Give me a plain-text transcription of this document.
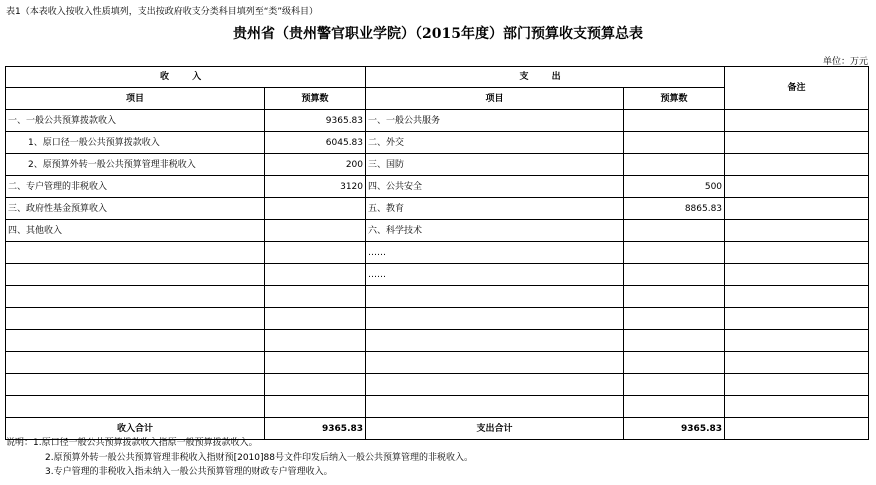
表1（本表收入按收入性质填列，支出按政府收支分类科目填列至“类”级科目）
贵州省（贵州警官职业学院）（2015年度）部门预算收支预算总表
单位：万元
收 入		支 出		备注
项目	预算数	项目	预算数	
一、一般公共预算拨款收入	9365.83	一、一般公共服务		
1、原口径一般公共预算拨款收入	6045.83	二、外交		
2、原预算外转一般公共预算管理非税收入	200	三、国防		
二、专户管理的非税收入	3120	四、公共安全	500	
三、政府性基金预算收入		五、教育	8865.83	
四、其他收入		六、科学技术		
		……		
		……		

收入合计	9365.83	支出合计	9365.83	
说明：1.原口径一般公共预算拨款收入指原一般预算拨款收入。
2.原预算外转一般公共预算管理非税收入指财预[2010]88号文件印发后纳入一般公共预算管理的非税收入。
3.专户管理的非税收入指未纳入一般公共预算管理的财政专户管理收入。
